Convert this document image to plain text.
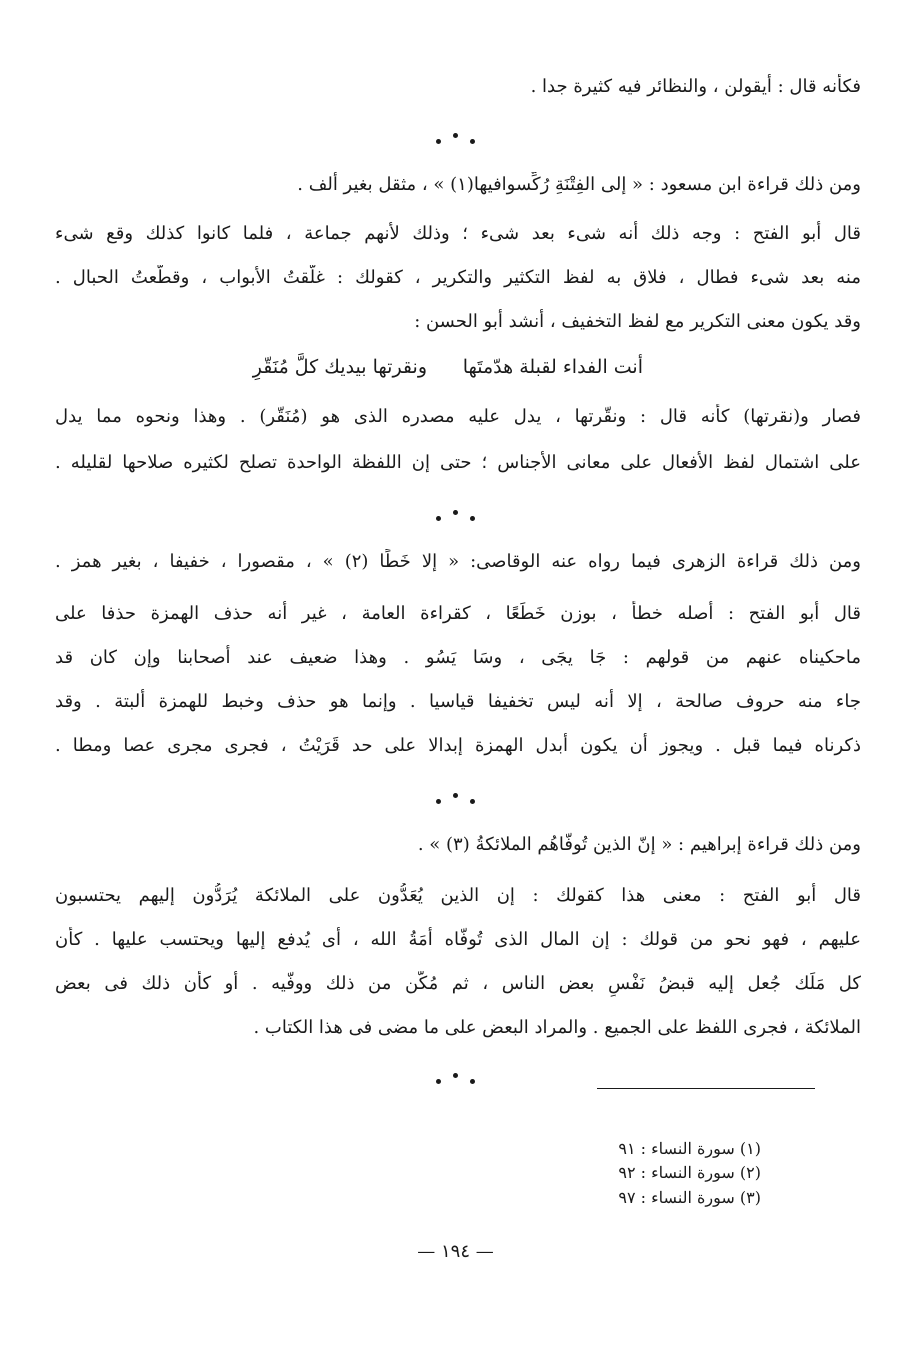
فكأنه قال : أيقولن ، والنظائر فيه كثيرة جدا .
ومن ذلك قراءة ابن مسعود : « إلى الفِتْنَةِ رُكِّسوافيها(١) » ، مثقل بغير ألف .
قال أبو الفتح : وجه ذلك أنه شىء بعد شىء ؛ وذلك لأنهم جماعة ، فلما كانوا كذلك وقع شىء
منه بعد شىء فطال ، فلاق به لفظ التكثير والتكرير ، كقولك : غلّقتُ الأبواب ، وقطّعتُ الحبال .
وقد يكون معنى التكرير مع لفظ التخفيف ، أنشد أبو الحسن :
أنت الفداء لقبلة هدّمتَها
ونقرتها بيديك كلَّ مُنَقّرِ
فصار و(نقرتها) كأنه قال : ونقّرتها ، يدل عليه مصدره الذى هو (مُنَقّر) . وهذا ونحوه مما يدل
على اشتمال لفظ الأفعال على معانى الأجناس ؛ حتى إن اللفظة الواحدة تصلح لكثيره صلاحها لقليله .
ومن ذلك قراءة الزهرى فيما رواه عنه الوقاصى: « إلا خَطًا (٢) » ، مقصورا ، خفيفا ، بغير همز .
قال أبو الفتح : أصله خطأً ، بوزن خَطَعًا ، كقراءة العامة ، غير أنه حذف الهمزة حذفا على
ماحكيناه عنهم من قولهم : جَا يجَى ، وسَا يَسُو . وهذا ضعيف عند أصحابنا وإن كان قد
جاء منه حروف صالحة ، إلا أنه ليس تخفيفا قياسيا . وإنما هو حذف وخبط للهمزة ألبتة . وقد
ذكرناه فيما قبل . ويجوز أن يكون أبدل الهمزة إبدالا على حد قَرَيْتُ ، فجرى مجرى عصا ومطا .
ومن ذلك قراءة إبراهيم : « إنّ الذين تُوفّاهُم الملائكةُ (٣) » .
قال أبو الفتح : معنى هذا كقولك : إن الذين يُعَدُّون على الملائكة يُرَدُّون إليهم يحتسبون
عليهم ، فهو نحو من قولك : إن المال الذى تُوفّاه أمَةُ الله ، أى يُدفع إليها ويحتسب عليها . كأن
كل مَلَك جُعل إليه قبضُ نَفْسٍ بعض الناس ، ثم مُكّن من ذلك ووفّيه . أو كأن ذلك فى بعض
الملائكة ، فجرى اللفظ على الجميع . والمراد البعض على ما مضى فى هذا الكتاب .
(١) سورة النساء : ٩١
(٢) سورة النساء : ٩٢
(٣) سورة النساء : ٩٧
— ١٩٤ —
